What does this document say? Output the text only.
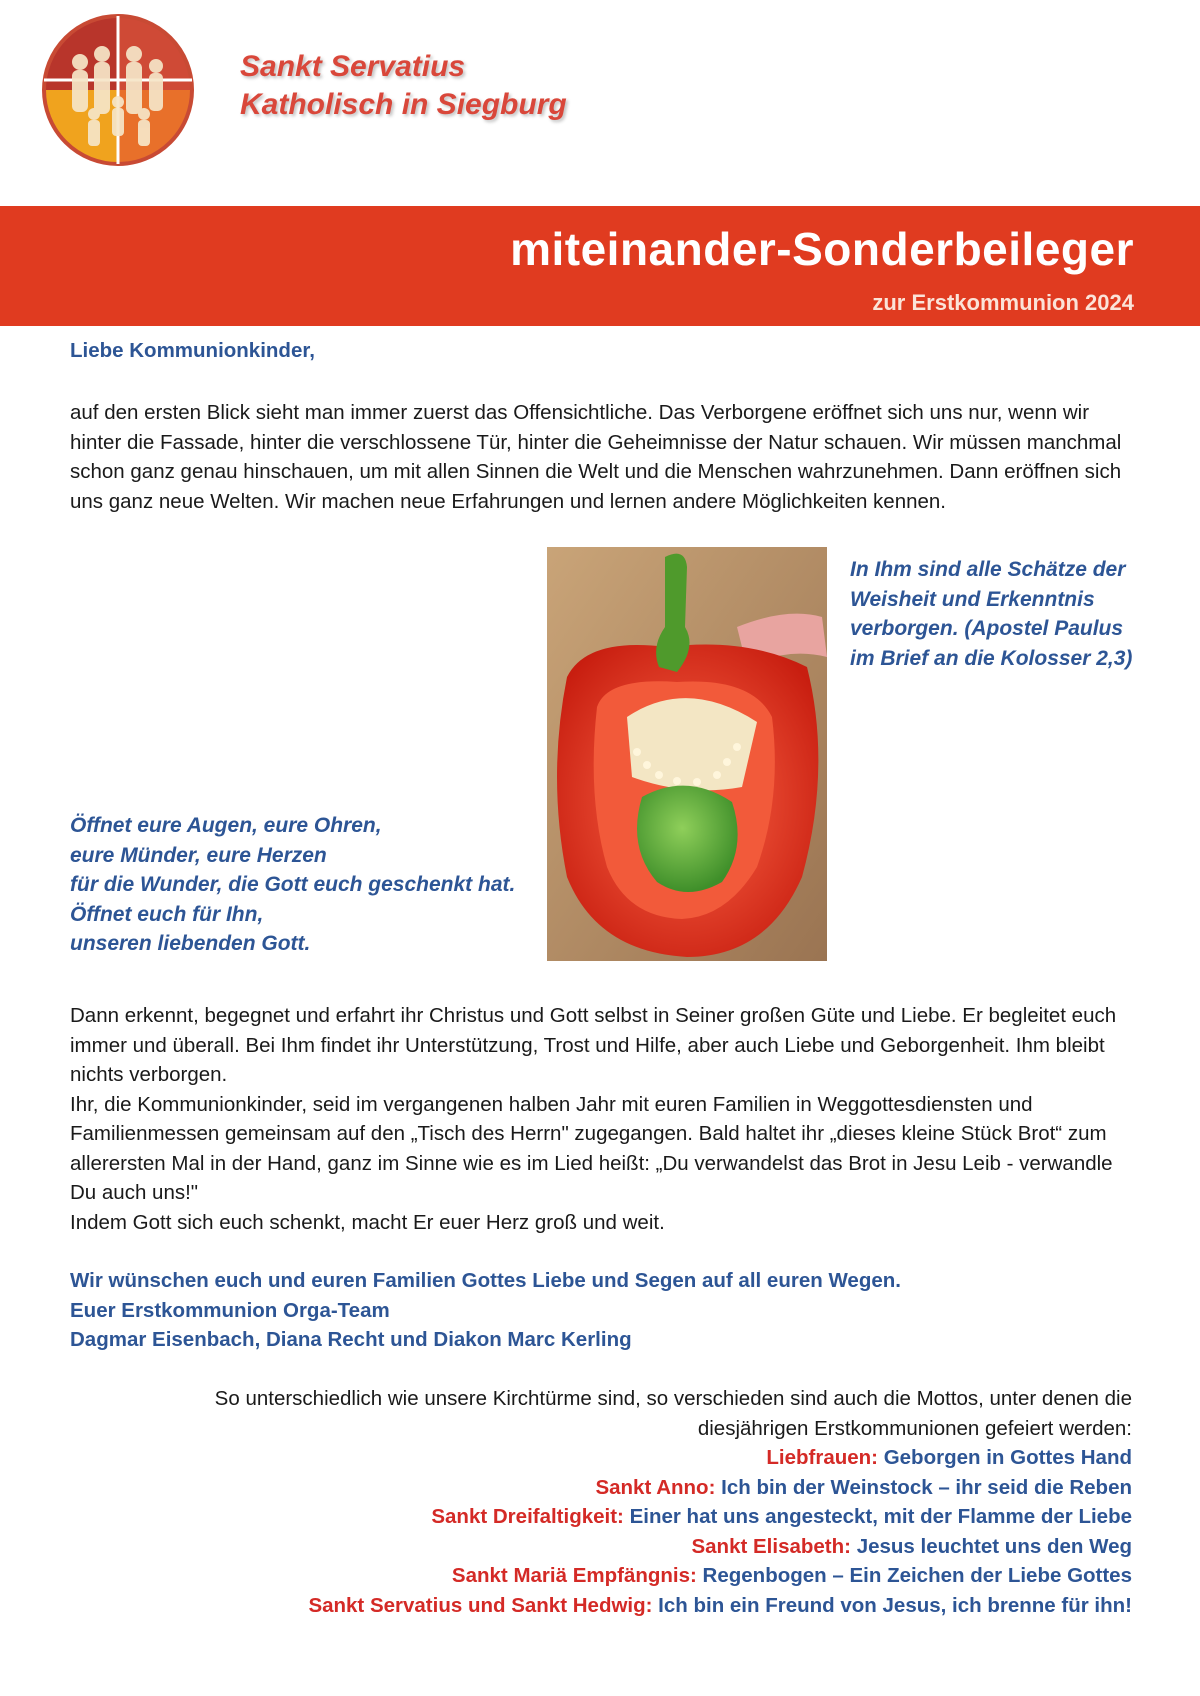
Sankt Servatius
Katholisch in Siegburg
miteinander-Sonderbeileger
zur Erstkommunion 2024
Liebe Kommunionkinder,
auf den ersten Blick sieht man immer zuerst das Offensichtliche. Das Verborgene eröffnet sich uns nur, wenn wir hinter die Fassade, hinter die verschlossene Tür, hinter die Geheimnisse der Natur schauen. Wir müssen manchmal schon ganz genau hinschauen, um mit allen Sinnen die Welt und die Menschen wahrzunehmen. Dann eröffnen sich uns ganz neue Welten. Wir machen neue Erfahrungen und lernen andere Möglichkeiten kennen.
In Ihm sind alle Schätze der Weisheit und Erkenntnis verborgen. (Apostel Paulus im Brief an die Kolosser 2,3)
Öffnet eure Augen, eure Ohren,
eure Münder, eure Herzen
für die Wunder, die Gott euch geschenkt hat.
Öffnet euch für Ihn,
unseren liebenden Gott.

Dann erkennt, begegnet und erfahrt ihr Christus und Gott selbst in Seiner großen Güte und Liebe. Er begleitet euch immer und überall. Bei Ihm findet ihr Unterstützung, Trost und Hilfe, aber auch Liebe und Geborgenheit. Ihm bleibt nichts verborgen.

Ihr, die Kommunionkinder, seid im vergangenen halben Jahr mit euren Familien in Weggottesdiensten und Familienmessen gemeinsam auf den „Tisch des Herrn" zugegangen. Bald haltet ihr „dieses kleine Stück Brot“ zum allerersten Mal in der Hand, ganz im Sinne wie es im Lied heißt: „Du verwandelst das Brot in Jesu Leib - verwandle Du auch uns!"

Indem Gott sich euch schenkt, macht Er euer Herz groß und weit.

Wir wünschen euch und euren Familien Gottes Liebe und Segen auf all euren Wegen.
Euer Erstkommunion Orga-Team
Dagmar Eisenbach, Diana Recht und Diakon Marc Kerling
So unterschiedlich wie unsere Kirchtürme sind, so verschieden sind auch die Mottos, unter denen die
diesjährigen Erstkommunionen gefeiert werden:
Liebfrauen: Geborgen in Gottes Hand
Sankt Anno: Ich bin der Weinstock – ihr seid die Reben
Sankt Dreifaltigkeit: Einer hat uns angesteckt, mit der Flamme der Liebe
Sankt Elisabeth: Jesus leuchtet uns den Weg
Sankt Mariä Empfängnis: Regenbogen – Ein Zeichen der Liebe Gottes
Sankt Servatius und Sankt Hedwig: Ich bin ein Freund von Jesus, ich brenne für ihn!
